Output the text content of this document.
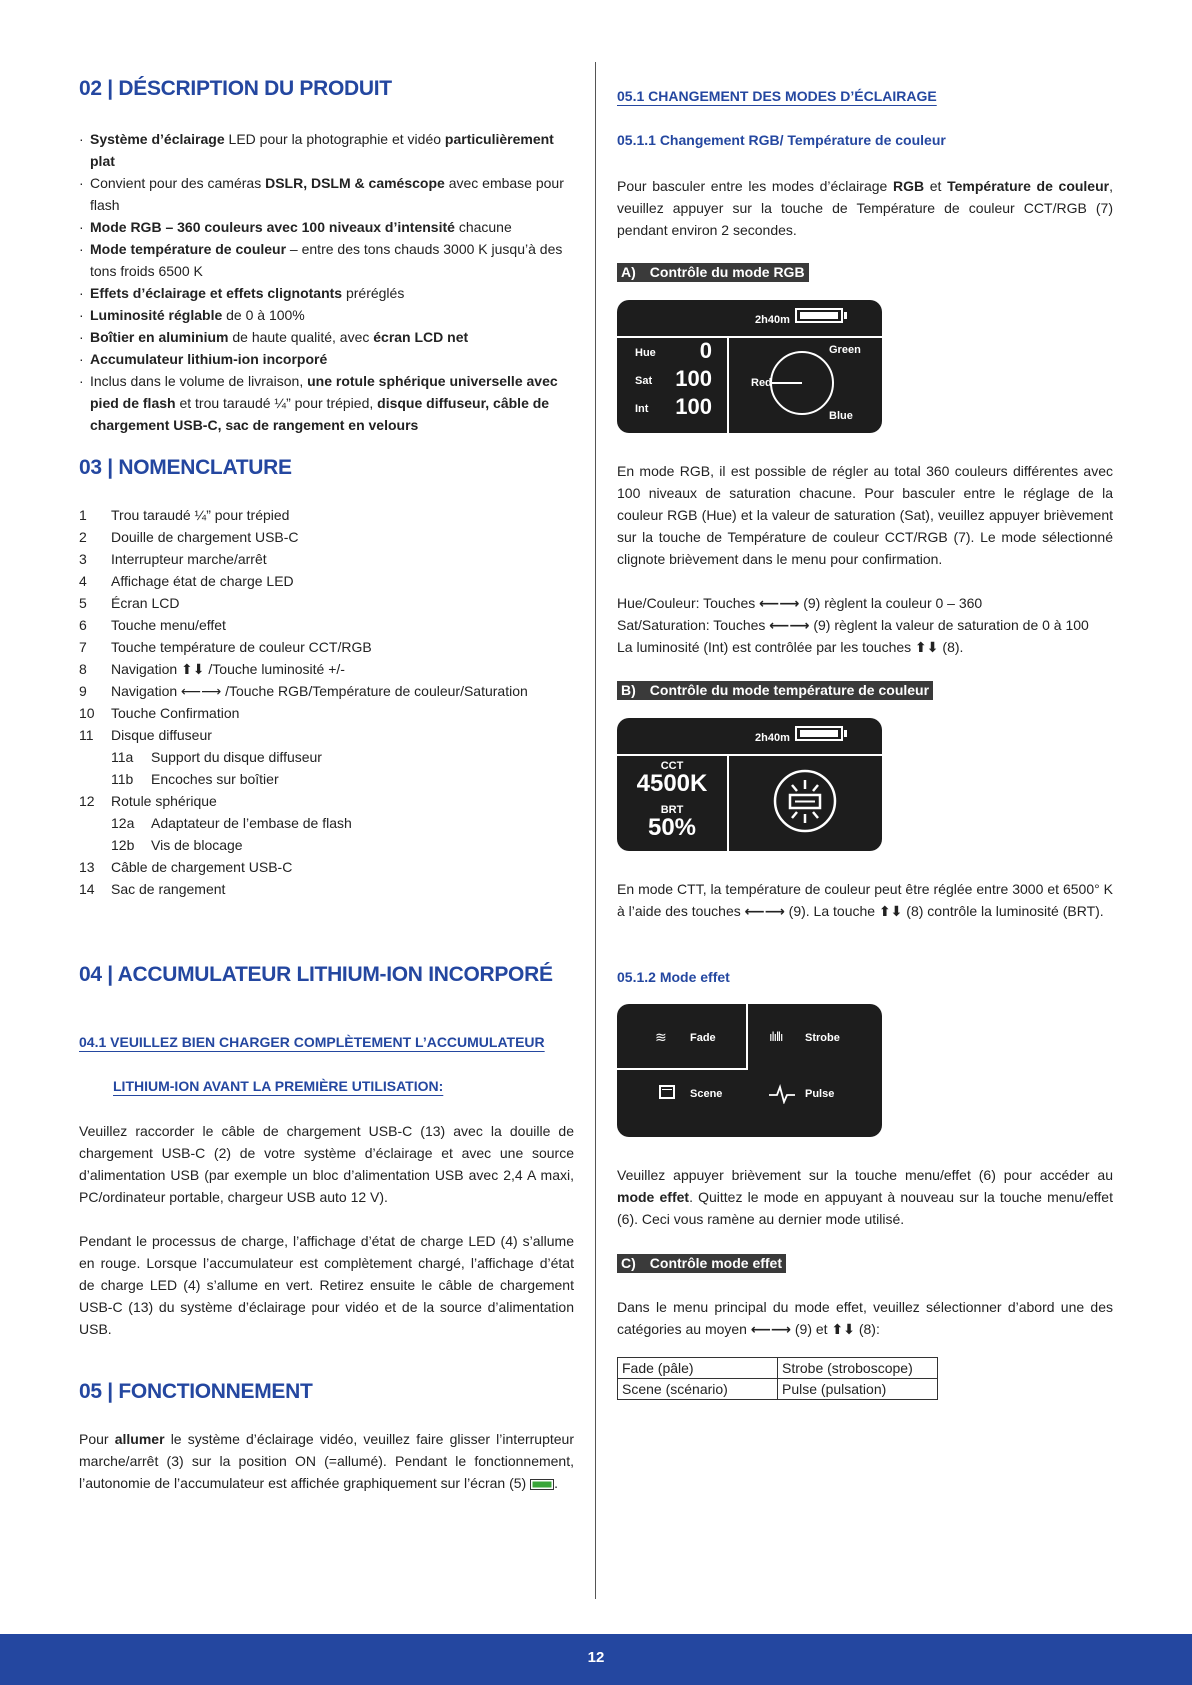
02 | DÉSCRIPTION DU PRODUIT
· Système d’éclairage LED pour la photographie et vidéo particulièrement plat
· Convient pour des caméras DSLR, DSLM & caméscope avec embase pour flash
· Mode RGB – 360 couleurs avec 100 niveaux d’intensité chacune
· Mode température de couleur – entre des tons chauds 3000 K jusqu’à des tons froids 6500 K
· Effets d’éclairage et effets clignotants préréglés
· Luminosité réglable de 0 à 100%
· Boîtier en aluminium de haute qualité, avec écran LCD net
· Accumulateur lithium-ion incorporé
· Inclus dans le volume de livraison, une rotule sphérique universelle avec pied de flash et trou taraudé ¼” pour trépied, disque diffuseur, câble de chargement USB-C, sac de rangement en velours
03 | NOMENCLATURE
1 Trou taraudé ¼” pour trépied
2 Douille de chargement USB-C
3 Interrupteur marche/arrêt
4 Affichage état de charge LED
5 Écran LCD
6 Touche menu/effet
7 Touche température de couleur CCT/RGB
8 Navigation ⬆⬇ /Touche luminosité +/-
9 Navigation ⟵⟶ /Touche RGB/Température de couleur/Saturation
10 Touche Confirmation
11 Disque diffuseur
11a Support du disque diffuseur
11b Encoches sur boîtier
12 Rotule sphérique
12a Adaptateur de l’embase de flash
12b Vis de blocage
13 Câble de chargement USB-C
14 Sac de rangement
04 | ACCUMULATEUR LITHIUM-ION INCORPORÉ
04.1 VEUILLEZ BIEN CHARGER COMPLÈTEMENT L’ACCUMULATEUR
LITHIUM-ION AVANT LA PREMIÈRE UTILISATION:

Veuillez raccorder le câble de chargement USB-C (13) avec la douille de chargement USB-C (2) de votre système d’éclairage et avec une source d’alimentation USB (par exemple un bloc d’alimentation USB avec 2,4 A maxi, PC/ordinateur portable, chargeur USB auto 12 V).

Pendant le processus de charge, l’affichage d’état de charge LED (4) s’allume en rouge. Lorsque l’accumulateur est complètement chargé, l’affichage d’état de charge LED (4) s’allume en vert. Retirez ensuite le câble de chargement USB-C (13) du système d’éclairage pour vidéo et de la source d’alimentation USB.

05 | FONCTIONNEMENT

Pour allumer le système d’éclairage vidéo, veuillez faire glisser l’interrupteur marche/arrêt (3) sur la position ON (=allumé). Pendant le fonctionnement, l’autonomie de l’accumulateur est affichée graphiquement sur l’écran (5) .

05.1 CHANGEMENT DES MODES D’ÉCLAIRAGE
05.1.1 Changement RGB/ Température de couleur

Pour basculer entre les modes d’éclairage RGB et Température de couleur, veuillez appuyer sur la touche de Température de couleur CCT/RGB (7) pendant environ 2 secondes.

A) Contrôle du mode RGB
2h40m
Hue 0
Sat 100
Int 100
Green
Red
Blue

En mode RGB, il est possible de régler au total 360 couleurs différentes avec 100 niveaux de saturation chacune. Pour basculer entre le réglage de la couleur RGB (Hue) et la valeur de saturation (Sat), veuillez appuyer brièvement sur la touche de Température de couleur CCT/RGB (7). Le mode sélectionné clignote brièvement dans le menu pour confirmation.

Hue/Couleur: Touches ⟵⟶ (9) règlent la couleur 0 – 360

Sat/Saturation: Touches ⟵⟶ (9) règlent la valeur de saturation de 0 à 100

La luminosité (Int) est contrôlée par les touches ⬆⬇ (8).

B) Contrôle du mode température de couleur
2h40m
CCT
4500K
BRT
50%

En mode CTT, la température de couleur peut être réglée entre 3000 et 6500° K à l’aide des touches ⟵⟶ (9). La touche ⬆⬇ (8) contrôle la luminosité (BRT).

05.1.2 Mode effet
≋ Fade	ılıllı Strobe
Scene	Pulse

Veuillez appuyer brièvement sur la touche menu/effet (6) pour accéder au mode effet. Quittez le mode en appuyant à nouveau sur la touche menu/effet (6). Ceci vous ramène au dernier mode utilisé.

C) Contrôle mode effet

Dans le menu principal du mode effet, veuillez sélectionner d’abord une des catégories au moyen ⟵⟶ (9) et ⬆⬇ (8):

Fade (pâle)	Strobe (stroboscope)
Scene (scénario)	Pulse (pulsation)
12
